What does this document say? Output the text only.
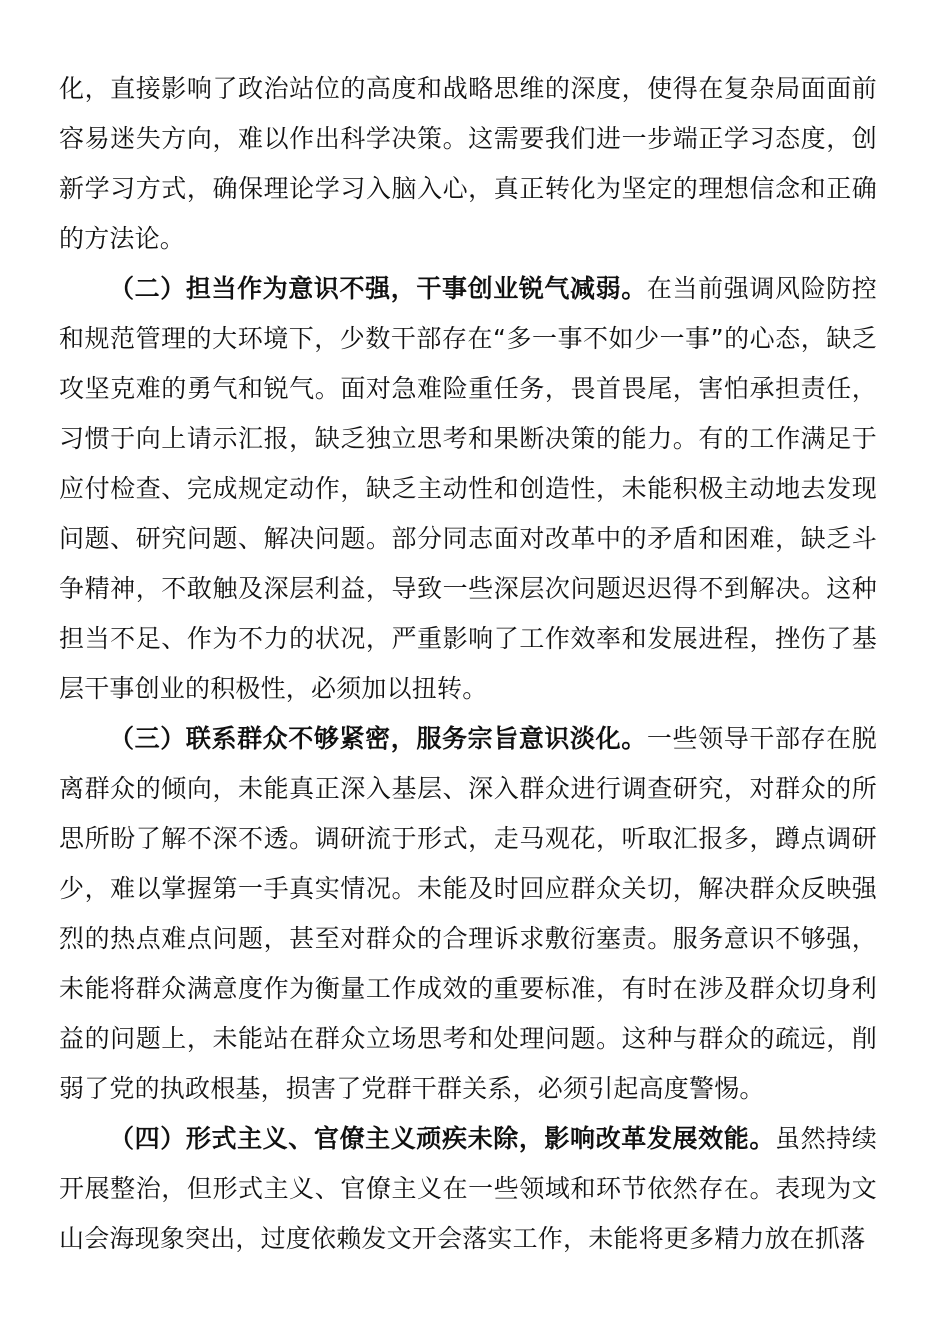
化，直接影响了政治站位的高度和战略思维的深度，使得在复杂局面面前容易迷失方向，难以作出科学决策。这需要我们进一步端正学习态度，创新学习方式，确保理论学习入脑入心，真正转化为坚定的理想信念和正确的方法论。

（二）担当作为意识不强，干事创业锐气减弱。在当前强调风险防控和规范管理的大环境下，少数干部存在“多一事不如少一事”的心态，缺乏攻坚克难的勇气和锐气。面对急难险重任务，畏首畏尾，害怕承担责任，习惯于向上请示汇报，缺乏独立思考和果断决策的能力。有的工作满足于应付检查、完成规定动作，缺乏主动性和创造性，未能积极主动地去发现问题、研究问题、解决问题。部分同志面对改革中的矛盾和困难，缺乏斗争精神，不敢触及深层利益，导致一些深层次问题迟迟得不到解决。这种担当不足、作为不力的状况，严重影响了工作效率和发展进程，挫伤了基层干事创业的积极性，必须加以扭转。

（三）联系群众不够紧密，服务宗旨意识淡化。一些领导干部存在脱离群众的倾向，未能真正深入基层、深入群众进行调查研究，对群众的所思所盼了解不深不透。调研流于形式，走马观花，听取汇报多，蹲点调研少，难以掌握第一手真实情况。未能及时回应群众关切，解决群众反映强烈的热点难点问题，甚至对群众的合理诉求敷衍塞责。服务意识不够强，未能将群众满意度作为衡量工作成效的重要标准，有时在涉及群众切身利益的问题上，未能站在群众立场思考和处理问题。这种与群众的疏远，削弱了党的执政根基，损害了党群干群关系，必须引起高度警惕。

（四）形式主义、官僚主义顽疾未除，影响改革发展效能。虽然持续开展整治，但形式主义、官僚主义在一些领域和环节依然存在。表现为文山会海现象突出，过度依赖发文开会落实工作，未能将更多精力放在抓落
